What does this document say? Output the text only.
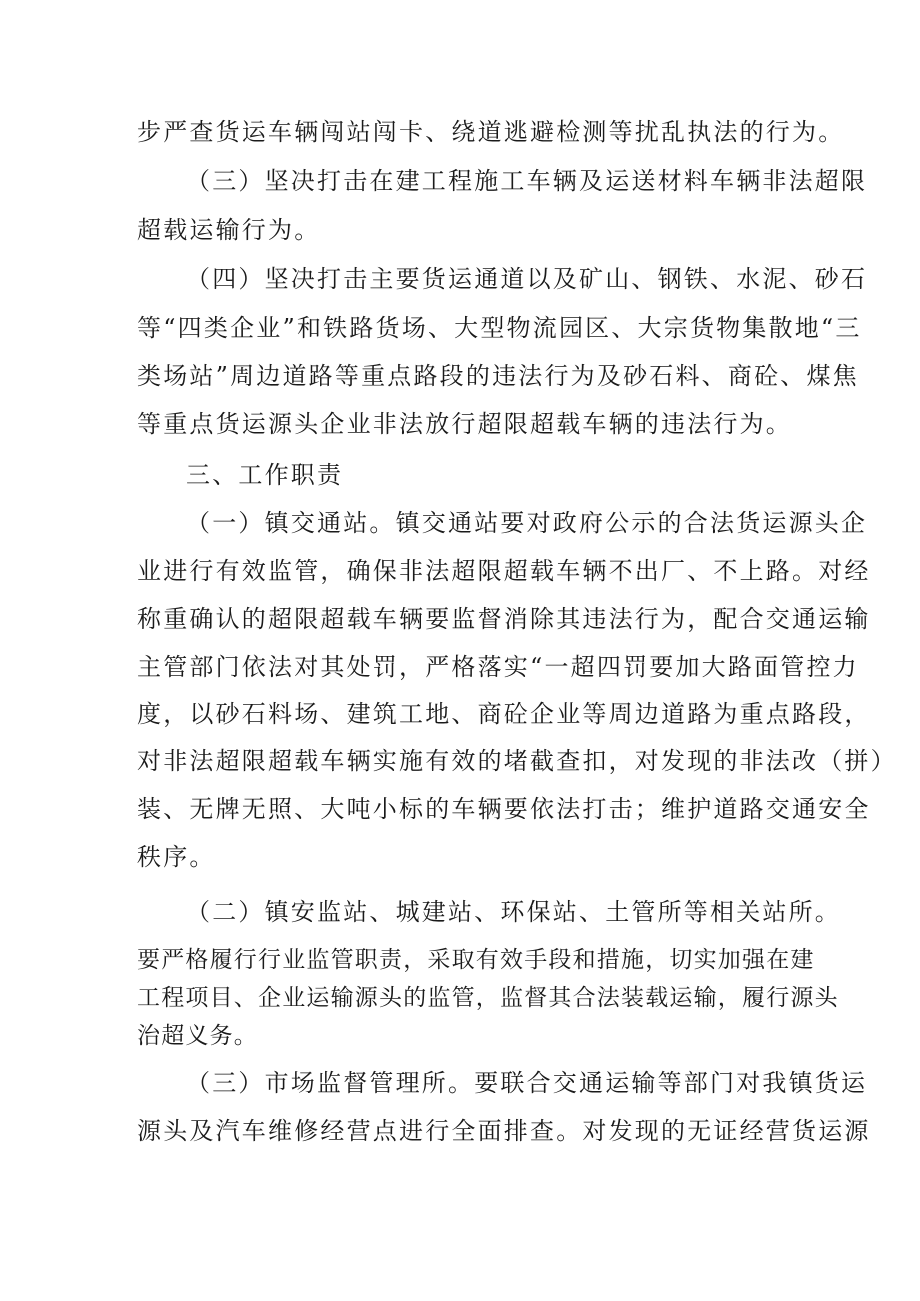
步严查货运车辆闯站闯卡、绕道逃避检测等扰乱执法的行为。
（三）坚决打击在建工程施工车辆及运送材料车辆非法超限
超载运输行为。
（四）坚决打击主要货运通道以及矿山、钢铁、水泥、砂石
等“四类企业”和铁路货场、大型物流园区、大宗货物集散地“三
类场站”周边道路等重点路段的违法行为及砂石料、商砼、煤焦
等重点货运源头企业非法放行超限超载车辆的违法行为。
三、工作职责
（一）镇交通站。镇交通站要对政府公示的合法货运源头企
业进行有效监管，确保非法超限超载车辆不出厂、不上路。对经
称重确认的超限超载车辆要监督消除其违法行为，配合交通运输
主管部门依法对其处罚，严格落实“一超四罚要加大路面管控力
度，以砂石料场、建筑工地、商砼企业等周边道路为重点路段，
对非法超限超载车辆实施有效的堵截查扣，对发现的非法改（拼）
装、无牌无照、大吨小标的车辆要依法打击；维护道路交通安全
秩序。
（二）镇安监站、城建站、环保站、土管所等相关站所。
要严格履行行业监管职责，采取有效手段和措施，切实加强在建
工程项目、企业运输源头的监管，监督其合法装载运输，履行源头
治超义务。
（三）市场监督管理所。要联合交通运输等部门对我镇货运
源头及汽车维修经营点进行全面排查。对发现的无证经营货运源
